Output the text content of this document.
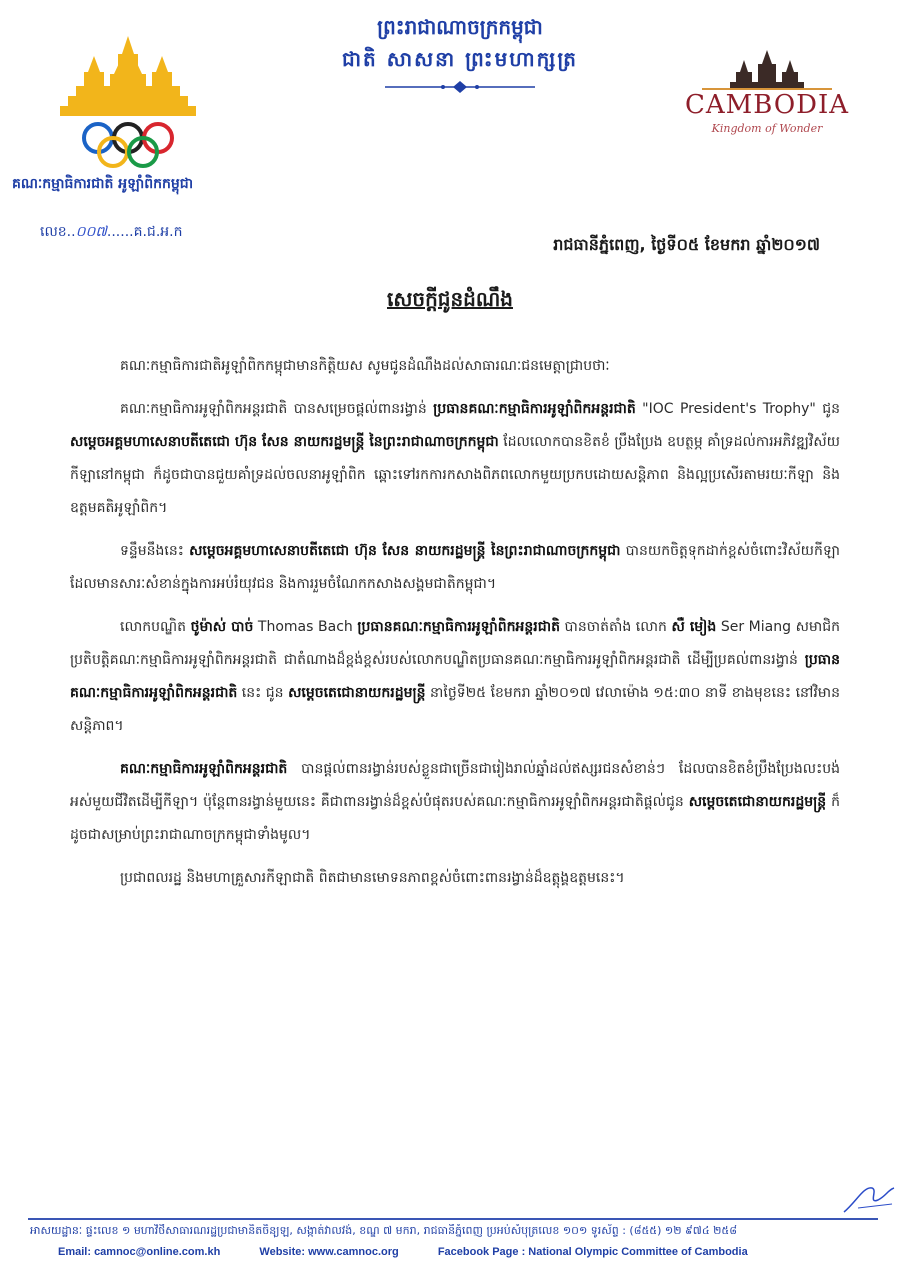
ព្រះរាជាណាចក្រកម្ពុជា
ជាតិ សាសនា ព្រះមហាក្សត្រ
គណៈកម្មាធិការជាតិ អូឡាំពិកកម្ពុជា
លេខ..០០៧......គ.ជ.អ.ក
CAMBODIA
Kingdom of Wonder
រាជធានីភ្នំពេញ, ថ្ងៃទី០៥ ខែមករា ឆ្នាំ២០១៧
សេចក្តីជូនដំណឹង

គណៈកម្មាធិការជាតិអូឡាំពិកកម្ពុជាមានកិត្តិយស សូមជូនដំណឹងដល់សាធារណៈជនមេត្តាជ្រាបថាៈ

គណៈកម្មាធិការអូឡាំពិកអន្តរជាតិ បានសម្រេចផ្តល់ពានរង្វាន់ ប្រធានគណៈកម្មាធិការអូឡាំពិកអន្តរជាតិ "IOC President's Trophy" ជូន សម្តេចអគ្គមហាសេនាបតីតេជោ ហ៊ុន សែន នាយករដ្ឋមន្ត្រី នៃព្រះរាជាណាចក្រកម្ពុជា ដែលលោកបានខិតខំ ប្រឹងប្រែង ឧបត្ថម្ភ គាំទ្រដល់ការអភិវឌ្ឍវិស័យកីឡានៅកម្ពុជា ក៏ដូចជាបានជួយគាំទ្រដល់ចលនាអូឡាំពិក ឆ្ពោះទៅរកការកសាងពិភពលោកមួយប្រកបដោយសន្តិភាព និងល្អប្រសើរតាមរយៈកីឡា និងឧត្តមគតិអូឡាំពិក។

ទន្ទឹមនឹងនេះ សម្តេចអគ្គមហាសេនាបតីតេជោ ហ៊ុន សែន នាយករដ្ឋមន្ត្រី នៃព្រះរាជាណាចក្រកម្ពុជា បានយកចិត្តទុកដាក់ខ្ពស់ចំពោះវិស័យកីឡាដែលមានសារៈសំខាន់ក្នុងការអប់រំយុវជន និងការរួមចំណែកកសាងសង្គមជាតិកម្ពុជា។

លោកបណ្ឌិត ថូម៉ាស់ បាច់ Thomas Bach ប្រធានគណៈកម្មាធិការអូឡាំពិកអន្តរជាតិ បានចាត់តាំង លោក សឺ មៀង Ser Miang សមាជិកប្រតិបត្តិគណៈកម្មាធិការអូឡាំពិកអន្តរជាតិ ជាតំណាងដ៏ខ្ពង់ខ្ពស់របស់លោកបណ្ឌិតប្រធានគណៈកម្មាធិការអូឡាំពិកអន្តរជាតិ ដើម្បីប្រគល់ពានរង្វាន់ ប្រធានគណៈកម្មាធិការអូឡាំពិកអន្តរជាតិ នេះ ជូន សម្តេចតេជោនាយករដ្ឋមន្ត្រី នាថ្ងៃទី២៥ ខែមករា ឆ្នាំ២០១៧ វេលាម៉ោង ១៥:៣០ នាទី ខាងមុខនេះ នៅវិមានសន្តិភាព។

គណៈកម្មាធិការអូឡាំពិកអន្តរជាតិ បានផ្តល់ពានរង្វាន់របស់ខ្លួនជាច្រើនជារៀងរាល់ឆ្នាំដល់ឥស្សរជនសំខាន់ៗ ដែលបានខិតខំប្រឹងប្រែងលះបង់អស់មួយជីវិតដើម្បីកីឡា។ ប៉ុន្តែពានរង្វាន់មួយនេះ គឺជាពានរង្វាន់ដ៏ខ្ពស់បំផុតរបស់គណៈកម្មាធិការអូឡាំពិកអន្តរជាតិផ្តល់ជូន សម្តេចតេជោនាយករដ្ឋមន្ត្រី ក៏ដូចជាសម្រាប់ព្រះរាជាណាចក្រកម្ពុជាទាំងមូល។

ប្រជាពលរដ្ឋ និងមហាគ្រួសារកីឡាជាតិ ពិតជាមានមោទនភាពខ្ពស់ចំពោះពានរង្វាន់ដ៏ឧត្តុង្គឧត្តមនេះ។

អាសយដ្ឋានៈ ផ្ទះលេខ ១ មហាវិថីសាធារណរដ្ឋប្រជាមានិតចិនុ្យឡ, សង្កាត់វាលវង់, ខណ្ឌ ៧ មករា, រាជធានីភ្នំពេញ ប្រអប់សំបុត្រលេខ ១០១ ទូរស័ព្ទ : (៨៥៥) ១២ ៩៧៤ ២៥៨
Email: camnoc@online.com.kh	Website: www.camnoc.org	Facebook Page : National Olympic Committee of Cambodia
